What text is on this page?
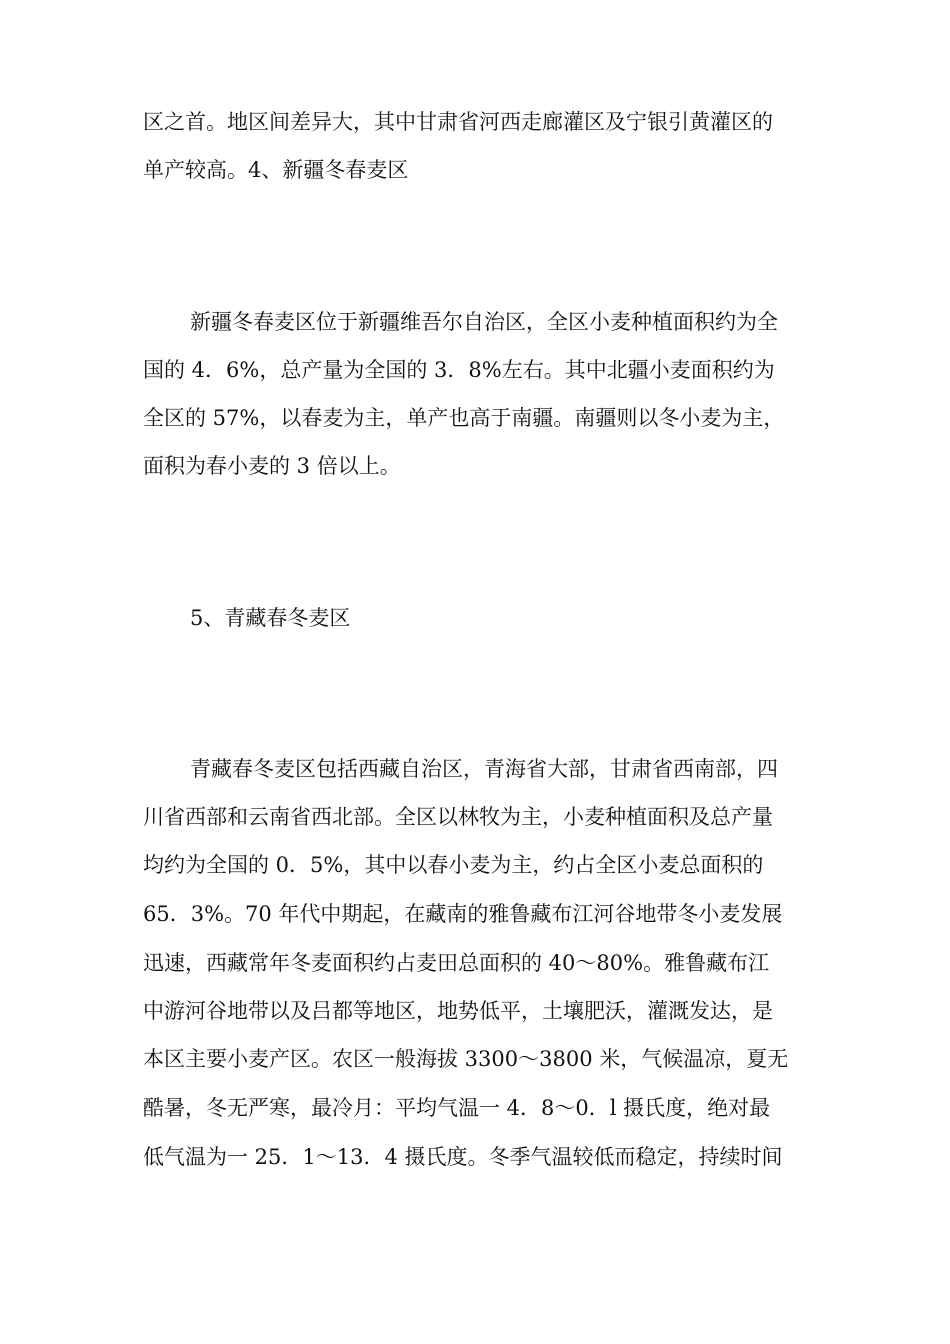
区之首。地区间差异大，其中甘肃省河西走廊灌区及宁银引黄灌区的
单产较高。4、新疆冬春麦区
新疆冬春麦区位于新疆维吾尔自治区，全区小麦种植面积约为全
国的 4．6%，总产量为全国的 3．8%左右。其中北疆小麦面积约为
全区的 57%，以春麦为主，单产也高于南疆。南疆则以冬小麦为主，
面积为春小麦的 3 倍以上。
5、青藏春冬麦区
青藏春冬麦区包括西藏自治区，青海省大部，甘肃省西南部，四
川省西部和云南省西北部。全区以林牧为主，小麦种植面积及总产量
均约为全国的 0．5%，其中以春小麦为主，约占全区小麦总面积的
65．3%。70 年代中期起，在藏南的雅鲁藏布江河谷地带冬小麦发展
迅速，西藏常年冬麦面积约占麦田总面积的 40～80%。雅鲁藏布江
中游河谷地带以及吕都等地区，地势低平，土壤肥沃，灌溉发达，是
本区主要小麦产区。农区一般海拔 3300～3800 米，气候温凉，夏无
酷暑，冬无严寒，最冷月：平均气温一 4．8～0．l 摄氏度，绝对最
低气温为一 25．1～13．4 摄氏度。冬季气温较低而稳定，持续时间
